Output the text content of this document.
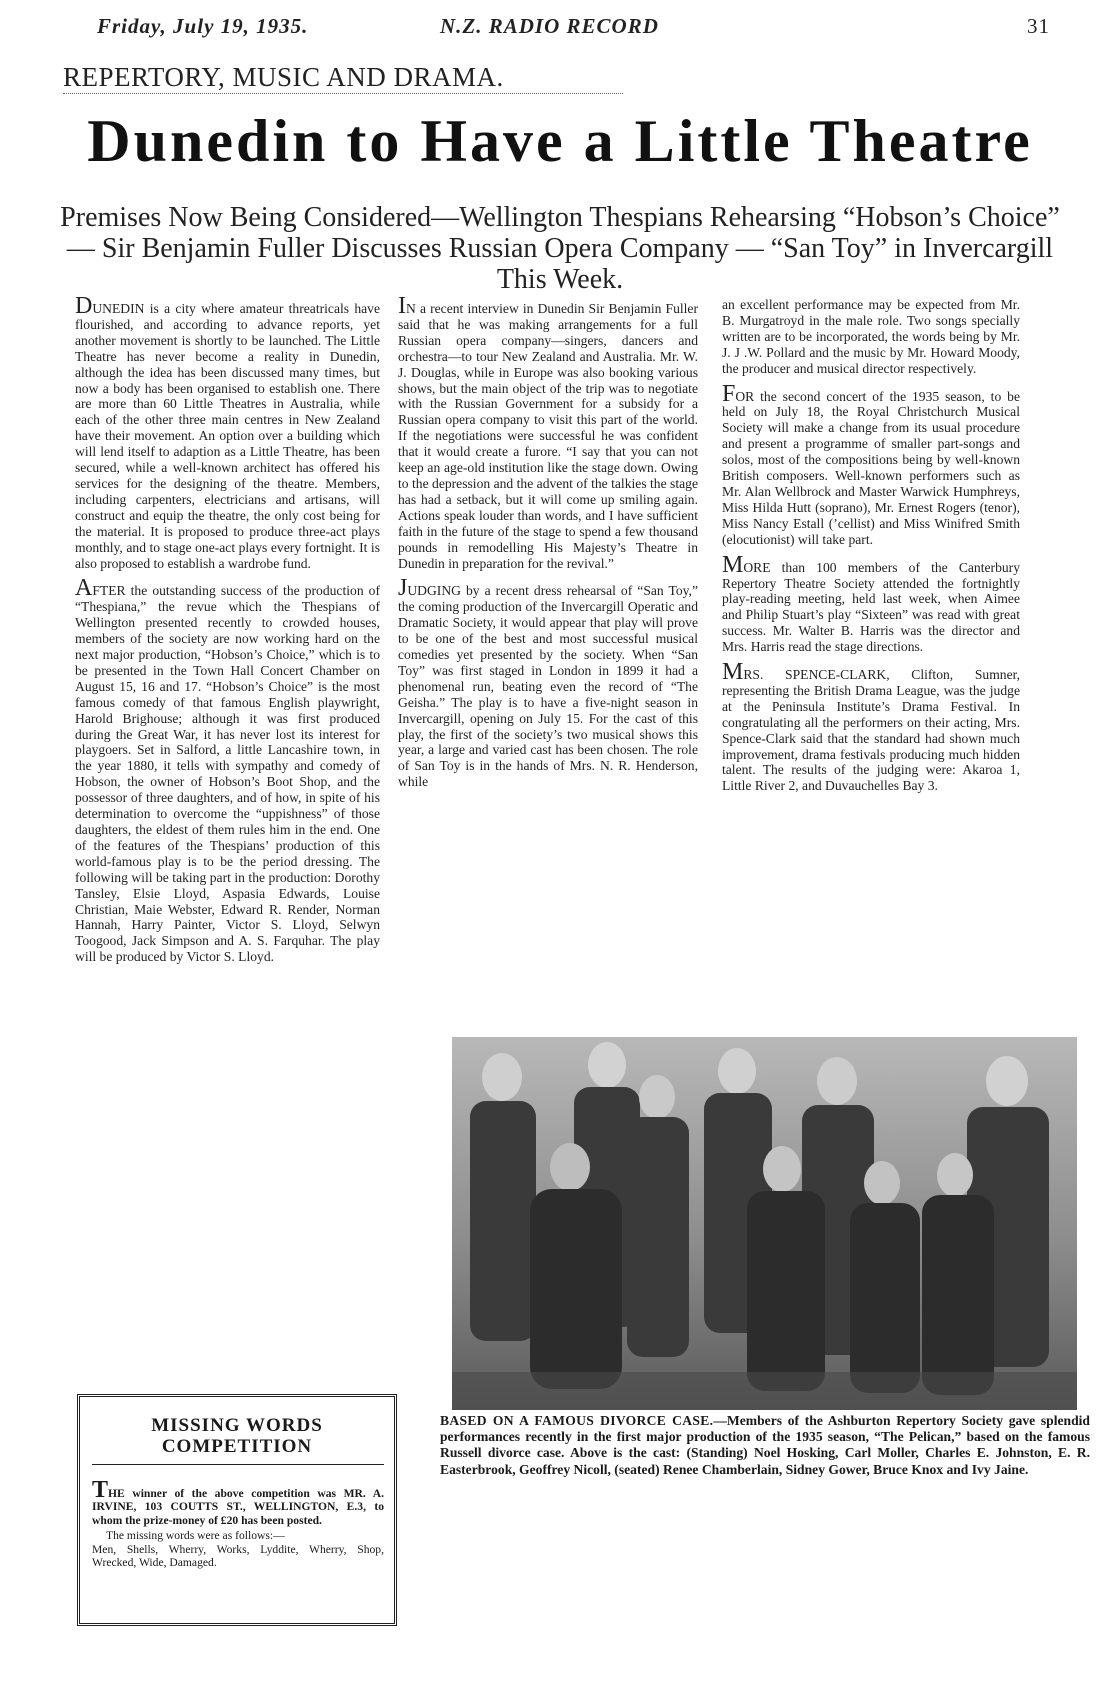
Friday, July 19, 1935.	N.Z. RADIO RECORD	31
REPERTORY, MUSIC AND DRAMA.
Dunedin to Have a Little Theatre
Premises Now Being Considered—Wellington Thespians Rehearsing “Hobson’s Choice” — Sir Benjamin Fuller Discusses Russian Opera Company — “San Toy” in Invercargill This Week.

DUNEDIN is a city where amateur threatricals have flourished, and according to advance reports, yet another movement is shortly to be launched. The Little Theatre has never become a reality in Dunedin, although the idea has been discussed many times, but now a body has been organised to establish one. There are more than 60 Little Theatres in Australia, while each of the other three main centres in New Zealand have their movement. An option over a building which will lend itself to adaption as a Little Theatre, has been secured, while a well-known architect has offered his services for the designing of the theatre. Members, including carpenters, electricians and artisans, will construct and equip the theatre, the only cost being for the material. It is proposed to produce three-act plays monthly, and to stage one-act plays every fortnight. It is also proposed to establish a wardrobe fund.

AFTER the outstanding success of the production of “Thespiana,” the revue which the Thespians of Wellington presented recently to crowded houses, members of the society are now working hard on the next major production, “Hobson’s Choice,” which is to be presented in the Town Hall Concert Chamber on August 15, 16 and 17. “Hobson’s Choice” is the most famous comedy of that famous English playwright, Harold Brighouse; although it was first produced during the Great War, it has never lost its interest for playgoers. Set in Salford, a little Lancashire town, in the year 1880, it tells with sympathy and comedy of Hobson, the owner of Hobson’s Boot Shop, and the possessor of three daughters, and of how, in spite of his determination to overcome the “uppishness” of those daughters, the eldest of them rules him in the end. One of the features of the Thespians’ production of this world-famous play is to be the period dressing. The following will be taking part in the production: Dorothy Tansley, Elsie Lloyd, Aspasia Edwards, Louise Christian, Maie Webster, Edward R. Render, Norman Hannah, Harry Painter, Victor S. Lloyd, Selwyn Toogood, Jack Simpson and A. S. Farquhar. The play will be produced by Victor S. Lloyd.

IN a recent interview in Dunedin Sir Benjamin Fuller said that he was making arrangements for a full Russian opera company—singers, dancers and orchestra—to tour New Zealand and Australia. Mr. W. J. Douglas, while in Europe was also booking various shows, but the main object of the trip was to negotiate with the Russian Government for a subsidy for a Russian opera company to visit this part of the world. If the negotiations were successful he was confident that it would create a furore. “I say that you can not keep an age-old institution like the stage down. Owing to the depression and the advent of the talkies the stage has had a setback, but it will come up smiling again. Actions speak louder than words, and I have sufficient faith in the future of the stage to spend a few thousand pounds in remodelling His Majesty’s Theatre in Dunedin in preparation for the revival.”

JUDGING by a recent dress rehearsal of “San Toy,” the coming production of the Invercargill Operatic and Dramatic Society, it would appear that play will prove to be one of the best and most successful musical comedies yet presented by the society. When “San Toy” was first staged in London in 1899 it had a phenomenal run, beating even the record of “The Geisha.” The play is to have a five-night season in Invercargill, opening on July 15. For the cast of this play, the first of the society’s two musical shows this year, a large and varied cast has been chosen. The role of San Toy is in the hands of Mrs. N. R. Henderson, while

an excellent performance may be expected from Mr. B. Murgatroyd in the male role. Two songs specially written are to be incorporated, the words being by Mr. J. J .W. Pollard and the music by Mr. Howard Moody, the producer and musical director respectively.

FOR the second concert of the 1935 season, to be held on July 18, the Royal Christchurch Musical Society will make a change from its usual procedure and present a programme of smaller part-songs and solos, most of the compositions being by well-known British composers. Well-known performers such as Mr. Alan Wellbrock and Master Warwick Humphreys, Miss Hilda Hutt (soprano), Mr. Ernest Rogers (tenor), Miss Nancy Estall (’cellist) and Miss Winifred Smith (elocutionist) will take part.

MORE than 100 members of the Canterbury Repertory Theatre Society attended the fortnightly play-reading meeting, held last week, when Aimee and Philip Stuart’s play “Sixteen” was read with great success. Mr. Walter B. Harris was the director and Mrs. Harris read the stage directions.

MRS. SPENCE-CLARK, Clifton, Sumner, representing the British Drama League, was the judge at the Peninsula Institute’s Drama Festival. In congratulating all the performers on their acting, Mrs. Spence-Clark said that the standard had shown much improvement, drama festivals producing much hidden talent. The results of the judging were: Akaroa 1, Little River 2, and Duvauchelles Bay 3.

BASED ON A FAMOUS DIVORCE CASE.—Members of the Ashburton Repertory Society gave splendid performances recently in the first major production of the 1935 season, “The Pelican,” based on the famous Russell divorce case. Above is the cast: (Standing) Noel Hosking, Carl Moller, Charles E. Johnston, E. R. Easterbrook, Geoffrey Nicoll, (seated) Renee Chamberlain, Sidney Gower, Bruce Knox and Ivy Jaine.
MISSING WORDS COMPETITION

THE winner of the above competition was MR. A. IRVINE, 103 COUTTS ST., WELLINGTON, E.3, to whom the prize-money of £20 has been posted.

The missing words were as follows:—

Men, Shells, Wherry, Works, Lyddite, Wherry, Shop, Wrecked, Wide, Damaged.
